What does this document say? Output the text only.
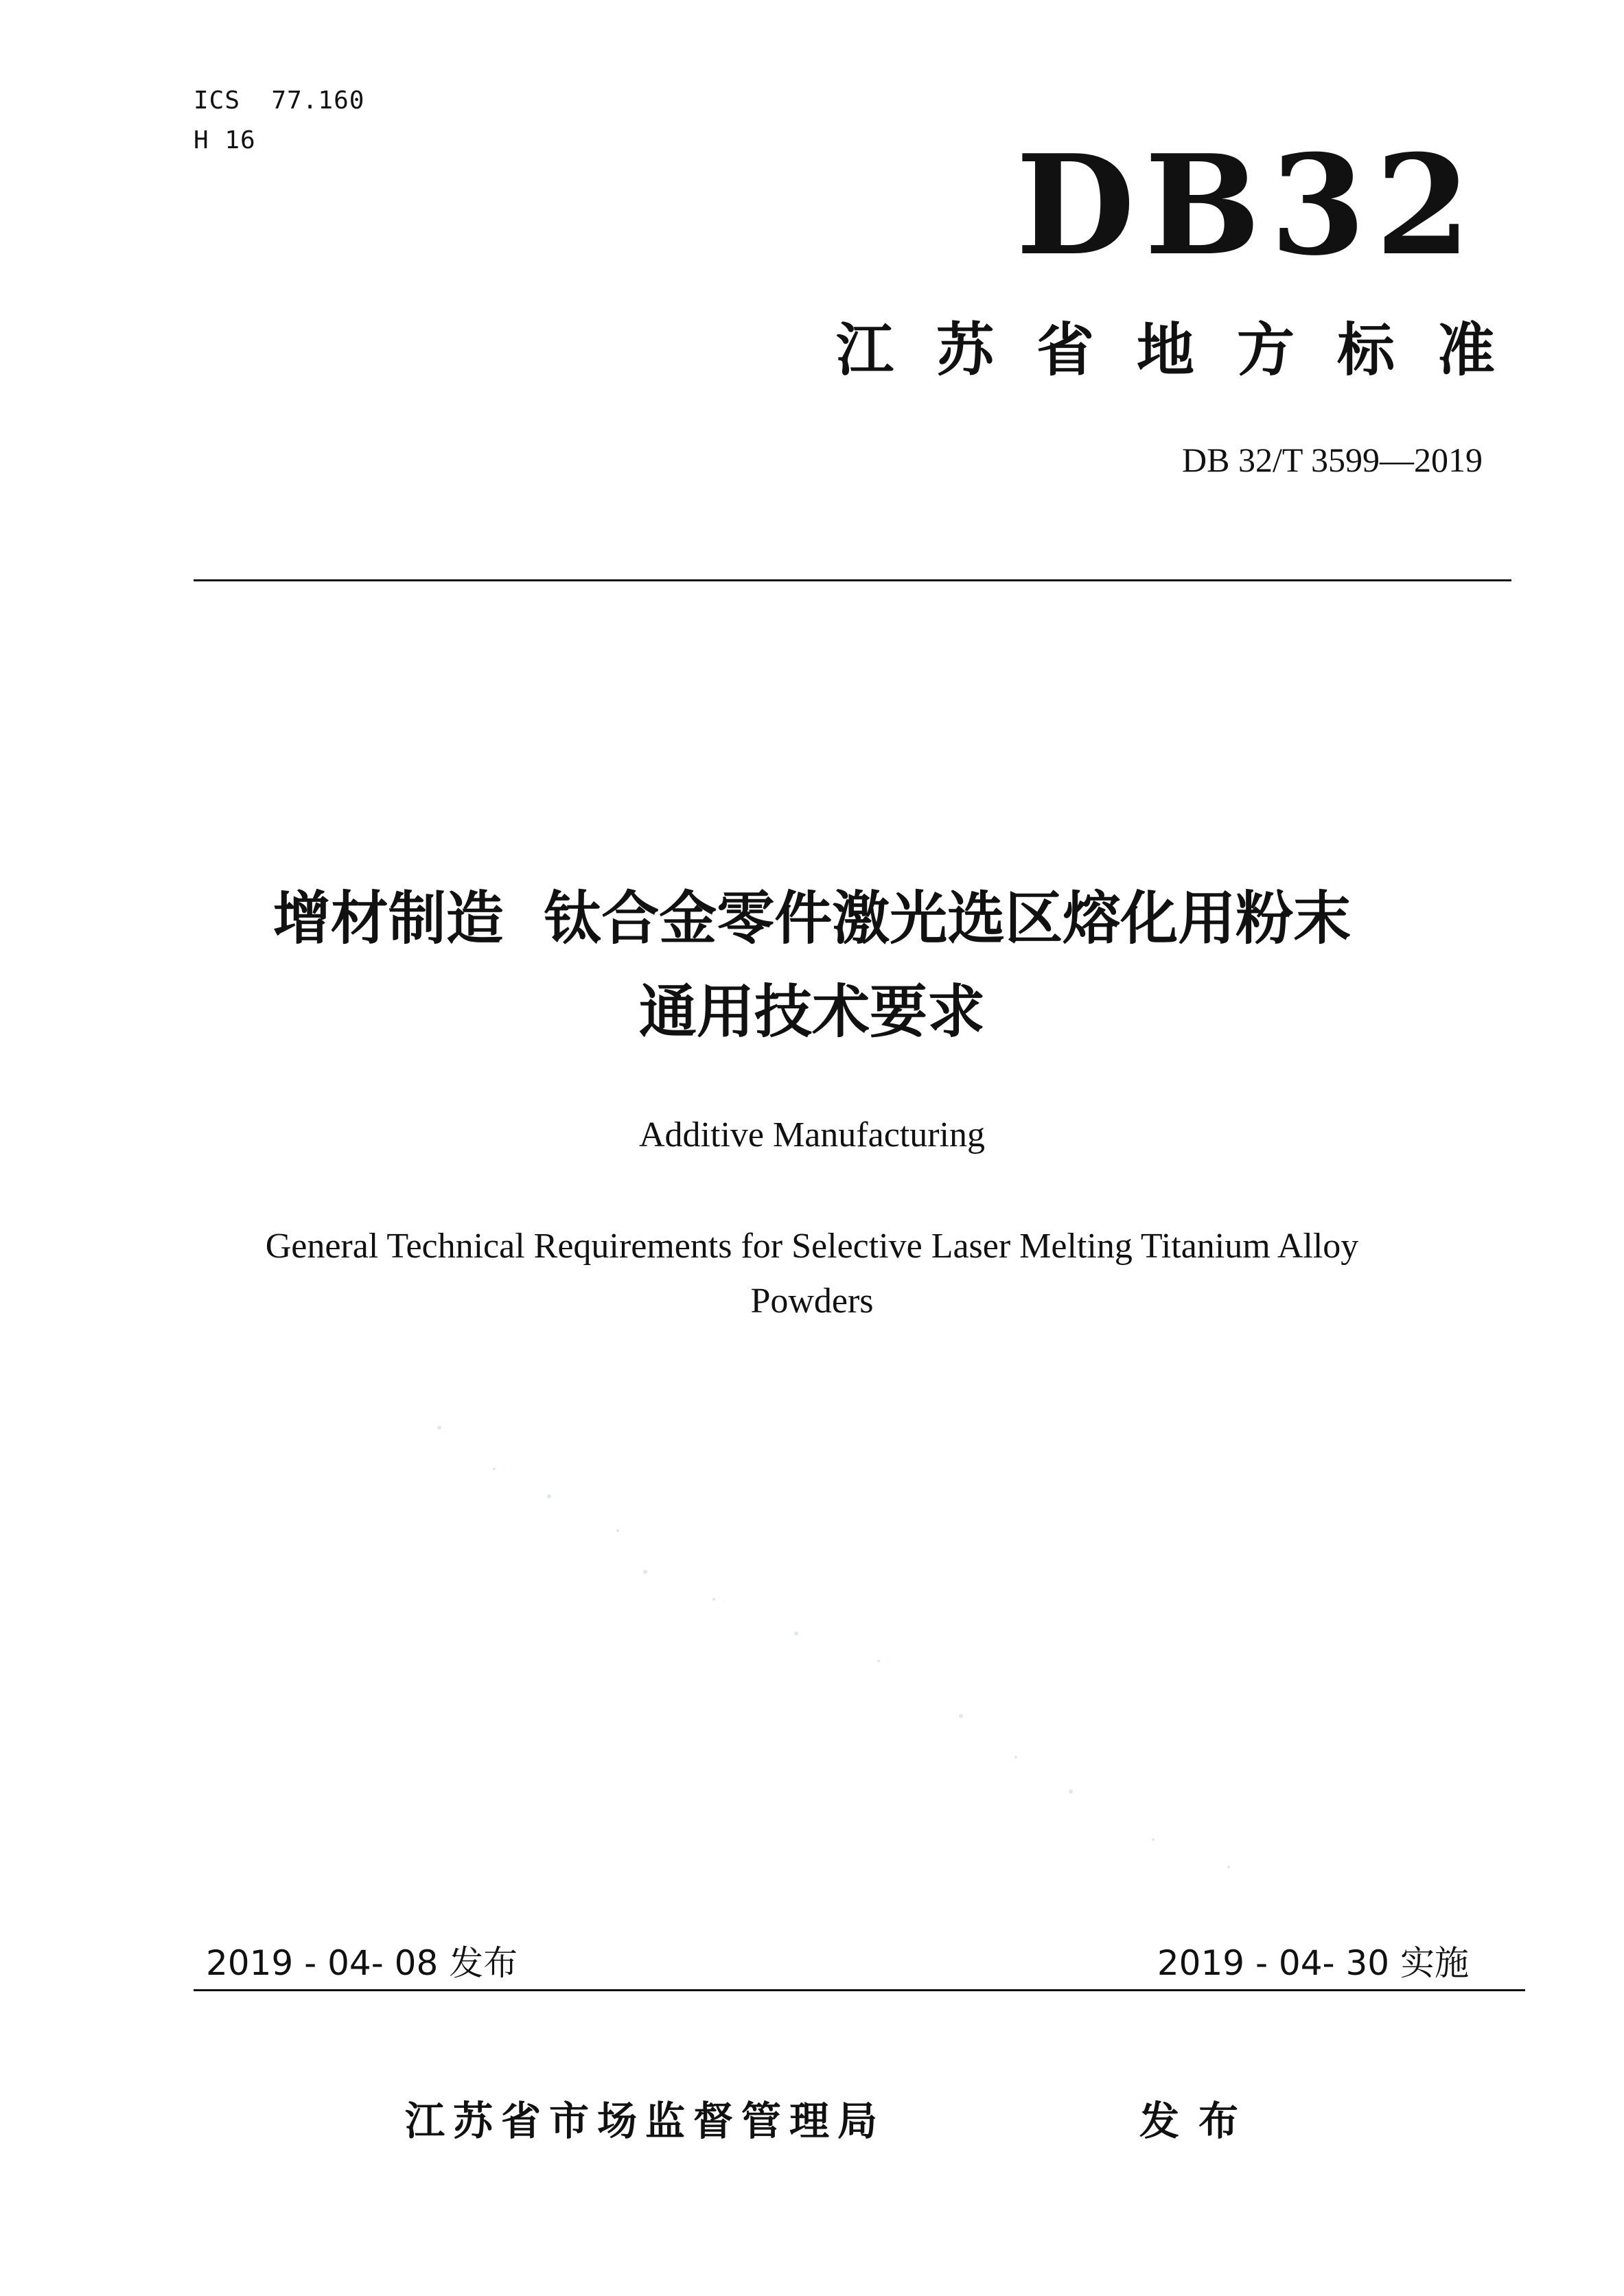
ICS  77.160
H 16	DB32
江苏省地方标准
DB 32/T 3599—2019
增材制造  钛合金零件激光选区熔化用粉末
通用技术要求
Additive Manufacturing
General Technical Requirements for Selective Laser Melting Titanium Alloy
Powders
2019 - 04- 08 发布	2019 - 04- 30 实施
江苏省市场监督管理局	发布
